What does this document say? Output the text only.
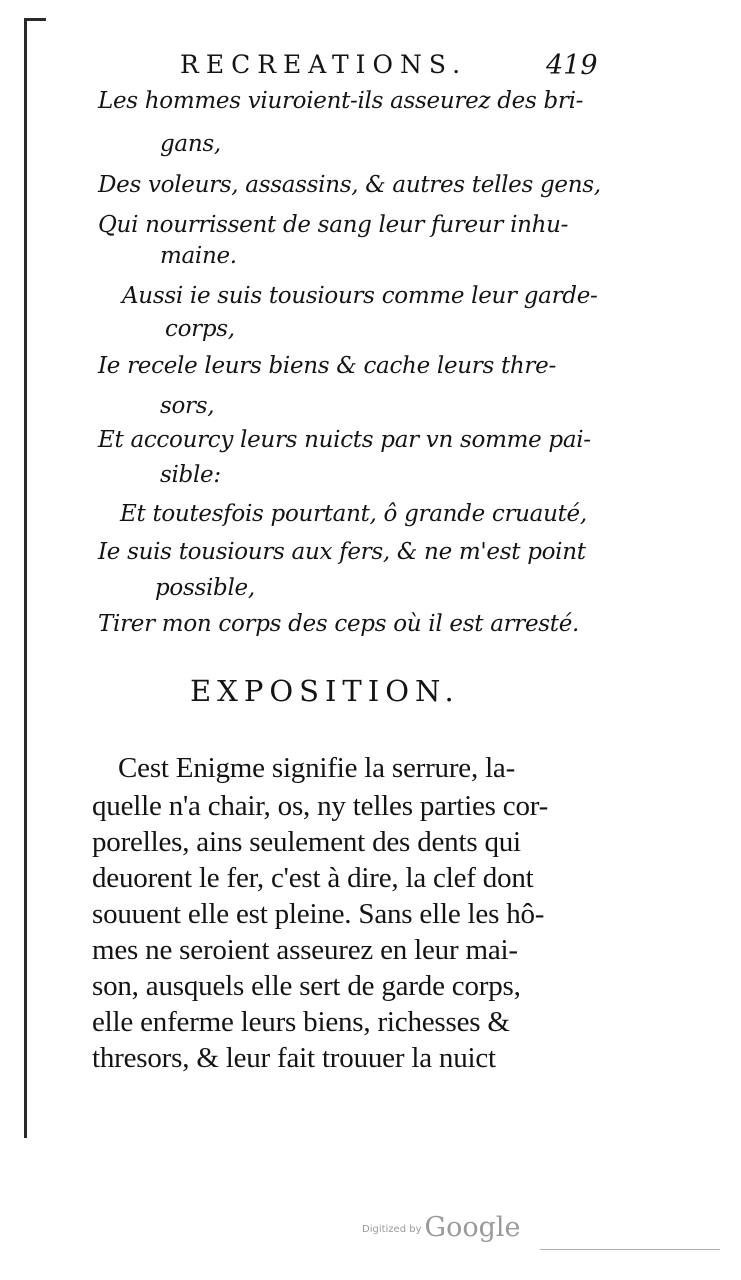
RECREATIONS.	419
Les hommes viuroient-ils asseurez des bri-
gans,
Des voleurs, assassins, & autres telles gens,
Qui nourrissent de sang leur fureur inhu-
maine.
Aussi ie suis tousiours comme leur garde-
corps,
Ie recele leurs biens & cache leurs thre-
sors,
Et accourcy leurs nuicts par vn somme pai-
sible:
Et toutesfois pourtant, ô grande cruauté,
Ie suis tousiours aux fers, & ne m'est point
possible,
Tirer mon corps des ceps où il est arresté.
EXPOSITION.
Cest Enigme signifie la serrure, la-
quelle n'a chair, os, ny telles parties cor-
porelles, ains seulement des dents qui
deuorent le fer, c'est à dire, la clef dont
souuent elle est pleine. Sans elle les hô-
mes ne seroient asseurez en leur mai-
son, ausquels elle sert de garde corps,
elle enferme leurs biens, richesses &
thresors, & leur fait trouuer la nuict
$^{Digitized by}$ Google
